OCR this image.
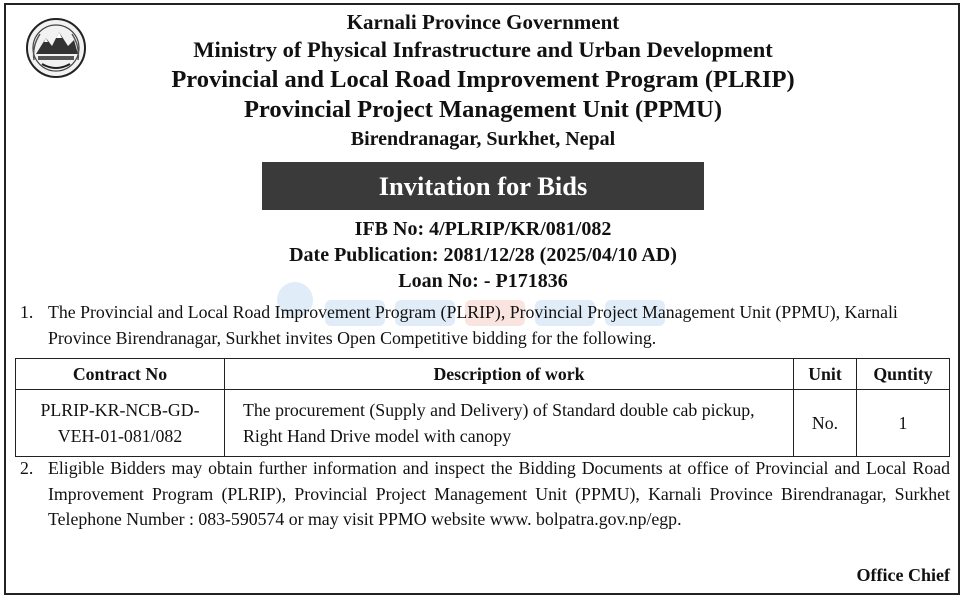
Karnali Province Government
Ministry of Physical Infrastructure and Urban Development
Provincial and Local Road Improvement Program (PLRIP)
Provincial Project Management Unit (PPMU)
Birendranagar, Surkhet, Nepal
Invitation for Bids
IFB No: 4/PLRIP/KR/081/082
Date Publication: 2081/12/28 (2025/04/10 AD)
Loan No: - P171836
1. The Provincial and Local Road Improvement Program (PLRIP), Provincial Project Management Unit (PPMU), Karnali Province Birendranagar, Surkhet invites Open Competitive bidding for the following.
Contract No	Description of work	Unit	Quntity
PLRIP-KR-NCB-GD-VEH-01-081/082	The procurement (Supply and Delivery) of Standard double cab pickup, Right Hand Drive model with canopy	No.	1
2. Eligible Bidders may obtain further information and inspect the Bidding Documents at office of Provincial and Local Road Improvement Program (PLRIP), Provincial Project Management Unit (PPMU), Karnali Province Birendranagar, Surkhet Telephone Number : 083-590574 or may visit PPMO website www. bolpatra.gov.np/egp.
Office Chief
